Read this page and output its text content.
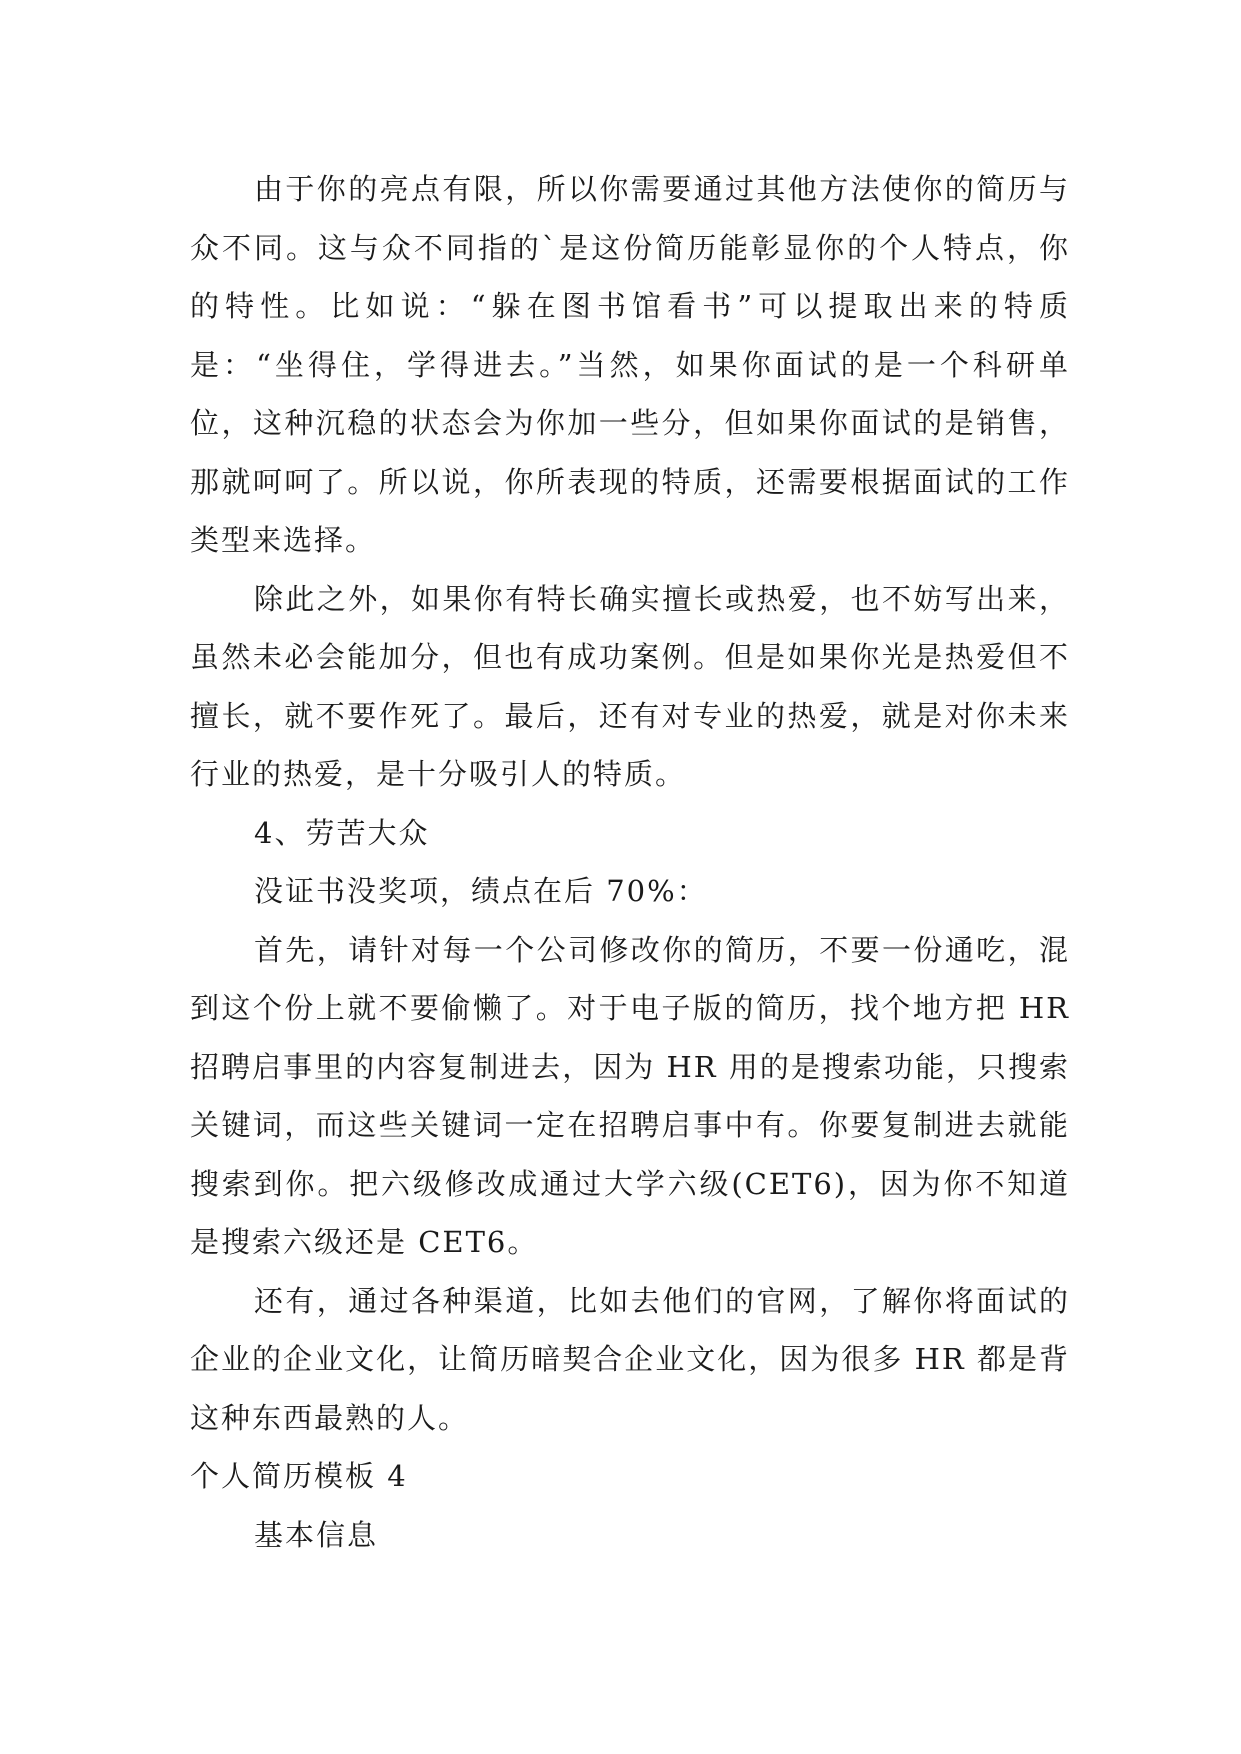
由于你的亮点有限，所以你需要通过其他方法使你的简历与众不同。这与众不同指的`是这份简历能彰显你的个人特点，你的特性。比如说：“躲在图书馆看书”可以提取出来的特质是：“坐得住，学得进去。”当然，如果你面试的是一个科研单位，这种沉稳的状态会为你加一些分，但如果你面试的是销售，那就呵呵了。所以说，你所表现的特质，还需要根据面试的工作类型来选择。

除此之外，如果你有特长确实擅长或热爱，也不妨写出来，虽然未必会能加分，但也有成功案例。但是如果你光是热爱但不擅长，就不要作死了。最后，还有对专业的热爱，就是对你未来行业的热爱，是十分吸引人的特质。

4、劳苦大众

没证书没奖项，绩点在后 70%：

首先，请针对每一个公司修改你的简历，不要一份通吃，混到这个份上就不要偷懒了。对于电子版的简历，找个地方把 HR 招聘启事里的内容复制进去，因为 HR 用的是搜索功能，只搜索关键词，而这些关键词一定在招聘启事中有。你要复制进去就能搜索到你。把六级修改成通过大学六级(CET6)，因为你不知道是搜索六级还是 CET6。

还有，通过各种渠道，比如去他们的官网，了解你将面试的企业的企业文化，让简历暗契合企业文化，因为很多 HR 都是背这种东西最熟的人。

个人简历模板 4

基本信息
